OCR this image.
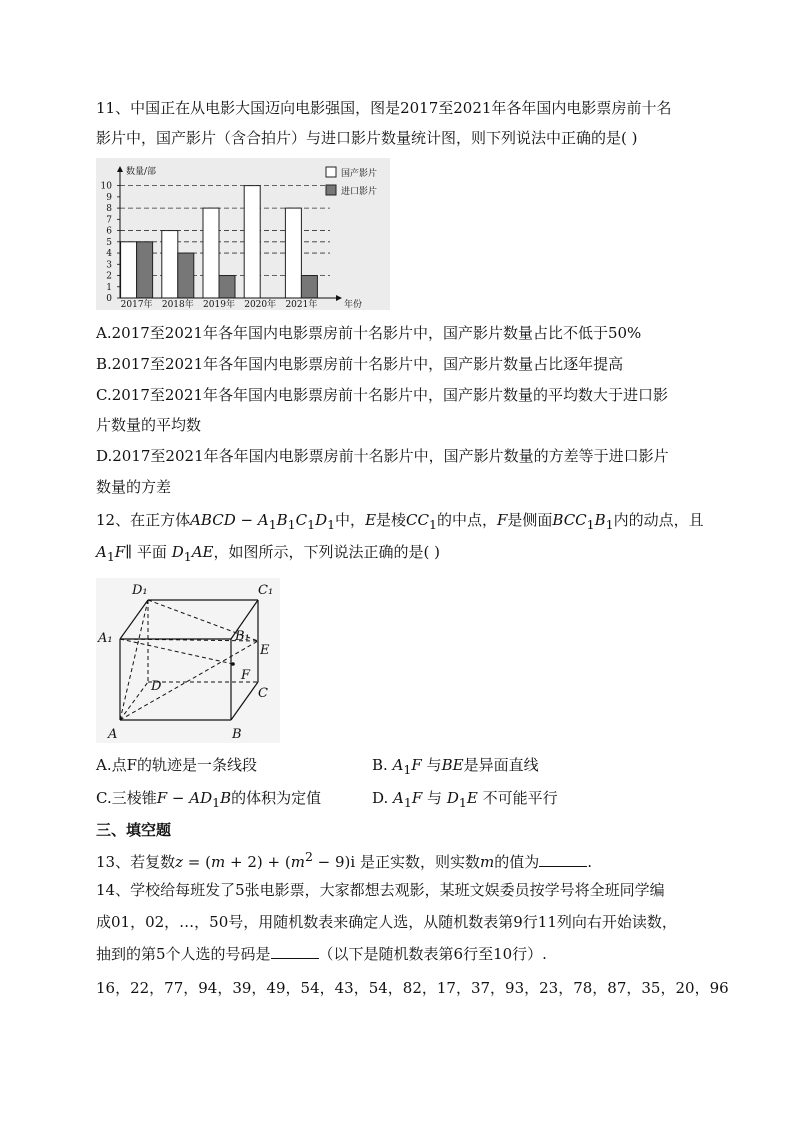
11、中国正在从电影大国迈向电影强国，图是2017至2021年各年国内电影票房前十名
影片中，国产影片（含合拍片）与进口影片数量统计图，则下列说法中正确的是( )
2017年 2018年 2019年 2020年 2021年
0
1
2
3
4
5
6
7
8
9
10
数量/部
年份
国产影片
进口影片
A.2017至2021年各年国内电影票房前十名影片中，国产影片数量占比不低于50%
B.2017至2021年各年国内电影票房前十名影片中，国产影片数量占比逐年提高
C.2017至2021年各年国内电影票房前十名影片中，国产影片数量的平均数大于进口影
片数量的平均数
D.2017至2021年各年国内电影票房前十名影片中，国产影片数量的方差等于进口影片
数量的方差
12、在正方体ABCD − $A_1B_1C_1D_1$中，E是棱$CC_1$的中点，F是侧面$BCC_1B_1$内的动点，且
$A_1F\parallel$ 平面 $D_1AE$，如图所示，下列说法正确的是( )
D₁	C₁
A₁	B₁
E
F
D	C
A	B
A.点F的轨迹是一条线段	B. $A_1F$ 与BE是异面直线
C.三棱锥$F - AD_1B$的体积为定值	D. $A_1F$ 与 $D_1E$ 不可能平行
三、填空题
13、若复数$z = (m + 2) + (m^2 - 9)i$ 是正实数，则实数m的值为	.
14、学校给每班发了5张电影票，大家都想去观影，某班文娱委员按学号将全班同学编
成01，02，…，50号，用随机数表来确定人选，从随机数表第9行11列向右开始读数，
抽到的第5个人选的号码是	（以下是随机数表第6行至10行）.
16，22，77，94，39，49，54，43，54，82，17，37，93，23，78，87，35，20，96
